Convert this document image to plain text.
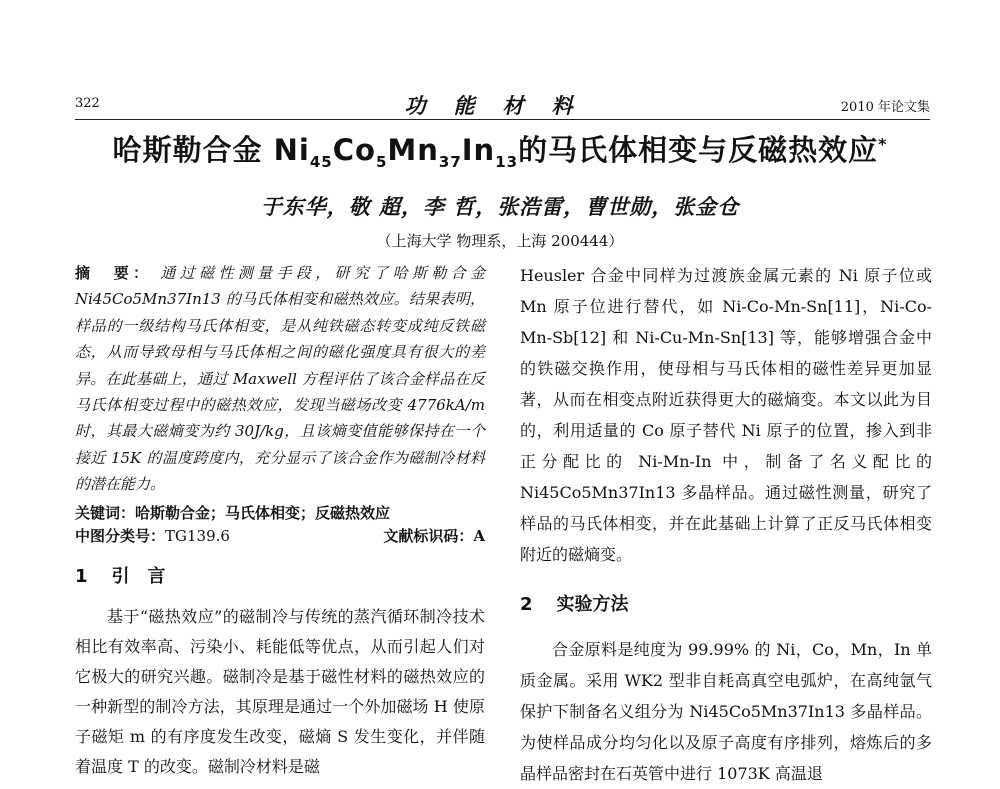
322	功能材料	2010 年论文集
哈斯勒合金 $Ni_{45}Co_5Mn_{37}In_{13}$的马氏体相变与反磁热效应*
于东华，敬 超，李 哲，张浩雷，曹世勋，张金仓
（上海大学 物理系，上海 200444）
摘　要： 通过磁性测量手段，研究了哈斯勒合金 Ni45Co5Mn37In13 的马氏体相变和磁热效应。结果表明，样品的一级结构马氏体相变，是从纯铁磁态转变成纯反铁磁态，从而导致母相与马氏体相之间的磁化强度具有很大的差异。在此基础上，通过 Maxwell 方程评估了该合金样品在反马氏体相变过程中的磁热效应，发现当磁场改变 4776kA/m 时，其最大磁熵变为约 30J/kg，且该熵变值能够保持在一个接近 15K 的温度跨度内，充分显示了该合金作为磁制冷材料的潜在能力。
关键词：哈斯勒合金；马氏体相变；反磁热效应
中图分类号：TG139.6	文献标识码：A
1 引　言

基于“磁热效应”的磁制冷与传统的蒸汽循环制冷技术相比有效率高、污染小、耗能低等优点，从而引起人们对它极大的研究兴趣。磁制冷是基于磁性材料的磁热效应的一种新型的制冷方法，其原理是通过一个外加磁场 H 使原子磁矩 m 的有序度发生改变，磁熵 S 发生变化，并伴随着温度 T 的改变。磁制冷材料是磁

Heusler 合金中同样为过渡族金属元素的 Ni 原子位或 Mn 原子位进行替代，如 Ni-Co-Mn-Sn[11]，Ni-Co-Mn-Sb[12] 和 Ni-Cu-Mn-Sn[13] 等，能够增强合金中的铁磁交换作用，使母相与马氏体相的磁性差异更加显著，从而在相变点附近获得更大的磁熵变。本文以此为目的，利用适量的 Co 原子替代 Ni 原子的位置，掺入到非正分配比的 Ni-Mn-In 中，制备了名义配比的 Ni45Co5Mn37In13 多晶样品。通过磁性测量，研究了样品的马氏体相变，并在此基础上计算了正反马氏体相变附近的磁熵变。

2 实验方法

合金原料是纯度为 99.99% 的 Ni，Co，Mn，In 单质金属。采用 WK2 型非自耗高真空电弧炉，在高纯氩气保护下制备名义组分为 Ni45Co5Mn37In13 多晶样品。为使样品成分均匀化以及原子高度有序排列，熔炼后的多晶样品密封在石英管中进行 1073K 高温退
